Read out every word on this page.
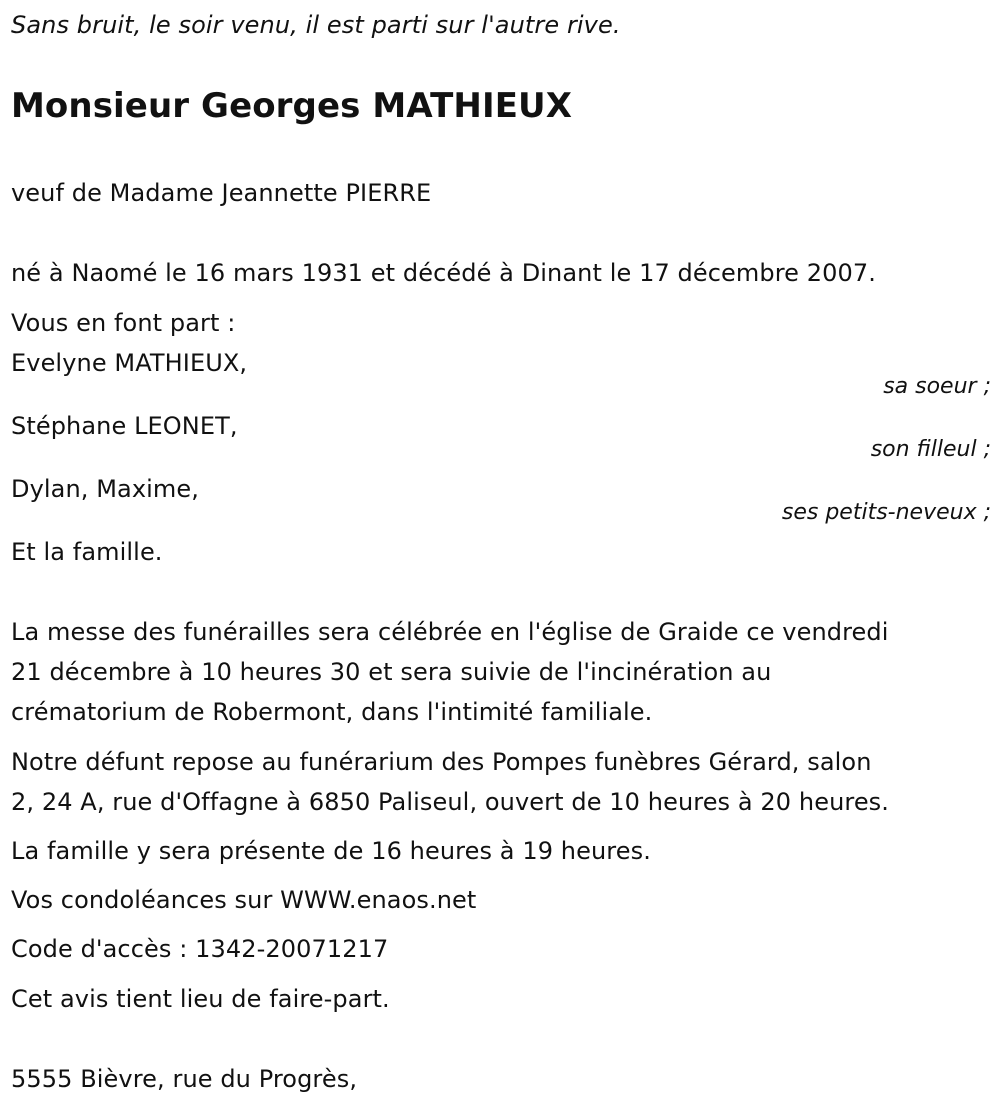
Sans bruit, le soir venu, il est parti sur l'autre rive.
Monsieur Georges MATHIEUX
veuf de Madame Jeannette PIERRE
né à Naomé le 16 mars 1931 et décédé à Dinant le 17 décembre 2007.
Vous en font part :
Evelyne MATHIEUX,
sa soeur ;
Stéphane LEONET,
son filleul ;
Dylan, Maxime,
ses petits-neveux ;
Et la famille.
La messe des funérailles sera célébrée en l'église de Graide ce vendredi
21 décembre à 10 heures 30 et sera suivie de l'incinération au
crématorium de Robermont, dans l'intimité familiale.
Notre défunt repose au funérarium des Pompes funèbres Gérard, salon
2, 24 A, rue d'Offagne à 6850 Paliseul, ouvert de 10 heures à 20 heures.
La famille y sera présente de 16 heures à 19 heures.
Vos condoléances sur WWW.enaos.net
Code d'accès : 1342-20071217
Cet avis tient lieu de faire-part.
5555 Bièvre, rue du Progrès,
